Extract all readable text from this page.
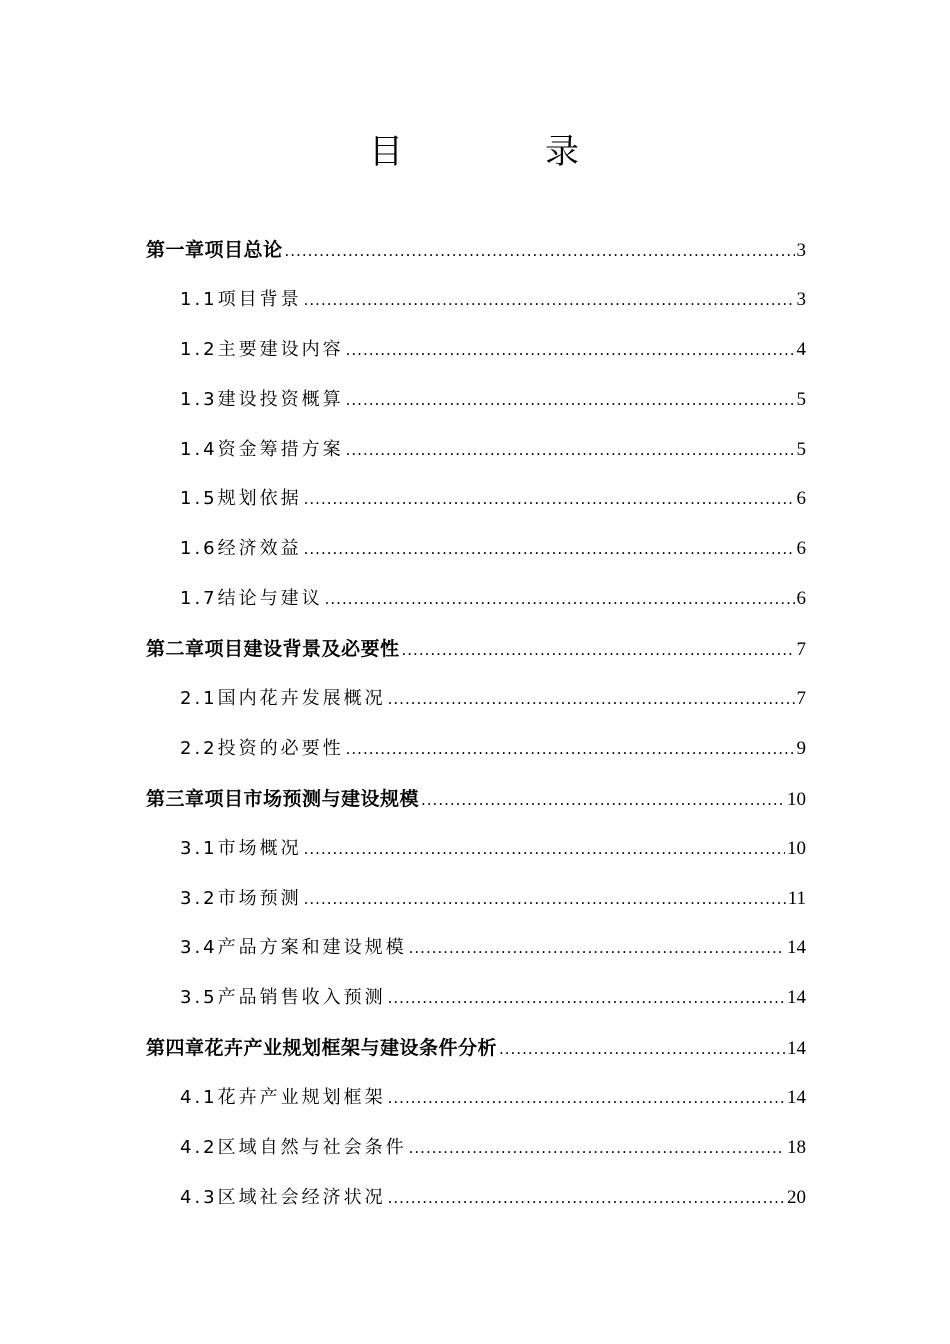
目	录
第一章项目总论 .....	3
1.1项目背景 .....	3
1.2主要建设内容 .....	4
1.3建设投资概算 .....	5
1.4资金筹措方案 .....	5
1.5规划依据 .....	6
1.6经济效益 .....	6
1.7结论与建议 .....	6
第二章项目建设背景及必要性 .....	7
2.1国内花卉发展概况 .....	7
2.2投资的必要性 .....	9
第三章项目市场预测与建设规模 .....	10
3.1市场概况 .....	10
3.2市场预测 .....	11
3.4产品方案和建设规模 .....	14
3.5产品销售收入预测 .....	14
第四章花卉产业规划框架与建设条件分析 .....	14
4.1花卉产业规划框架 .....	14
4.2区域自然与社会条件 .....	18
4.3区域社会经济状况 .....	20
